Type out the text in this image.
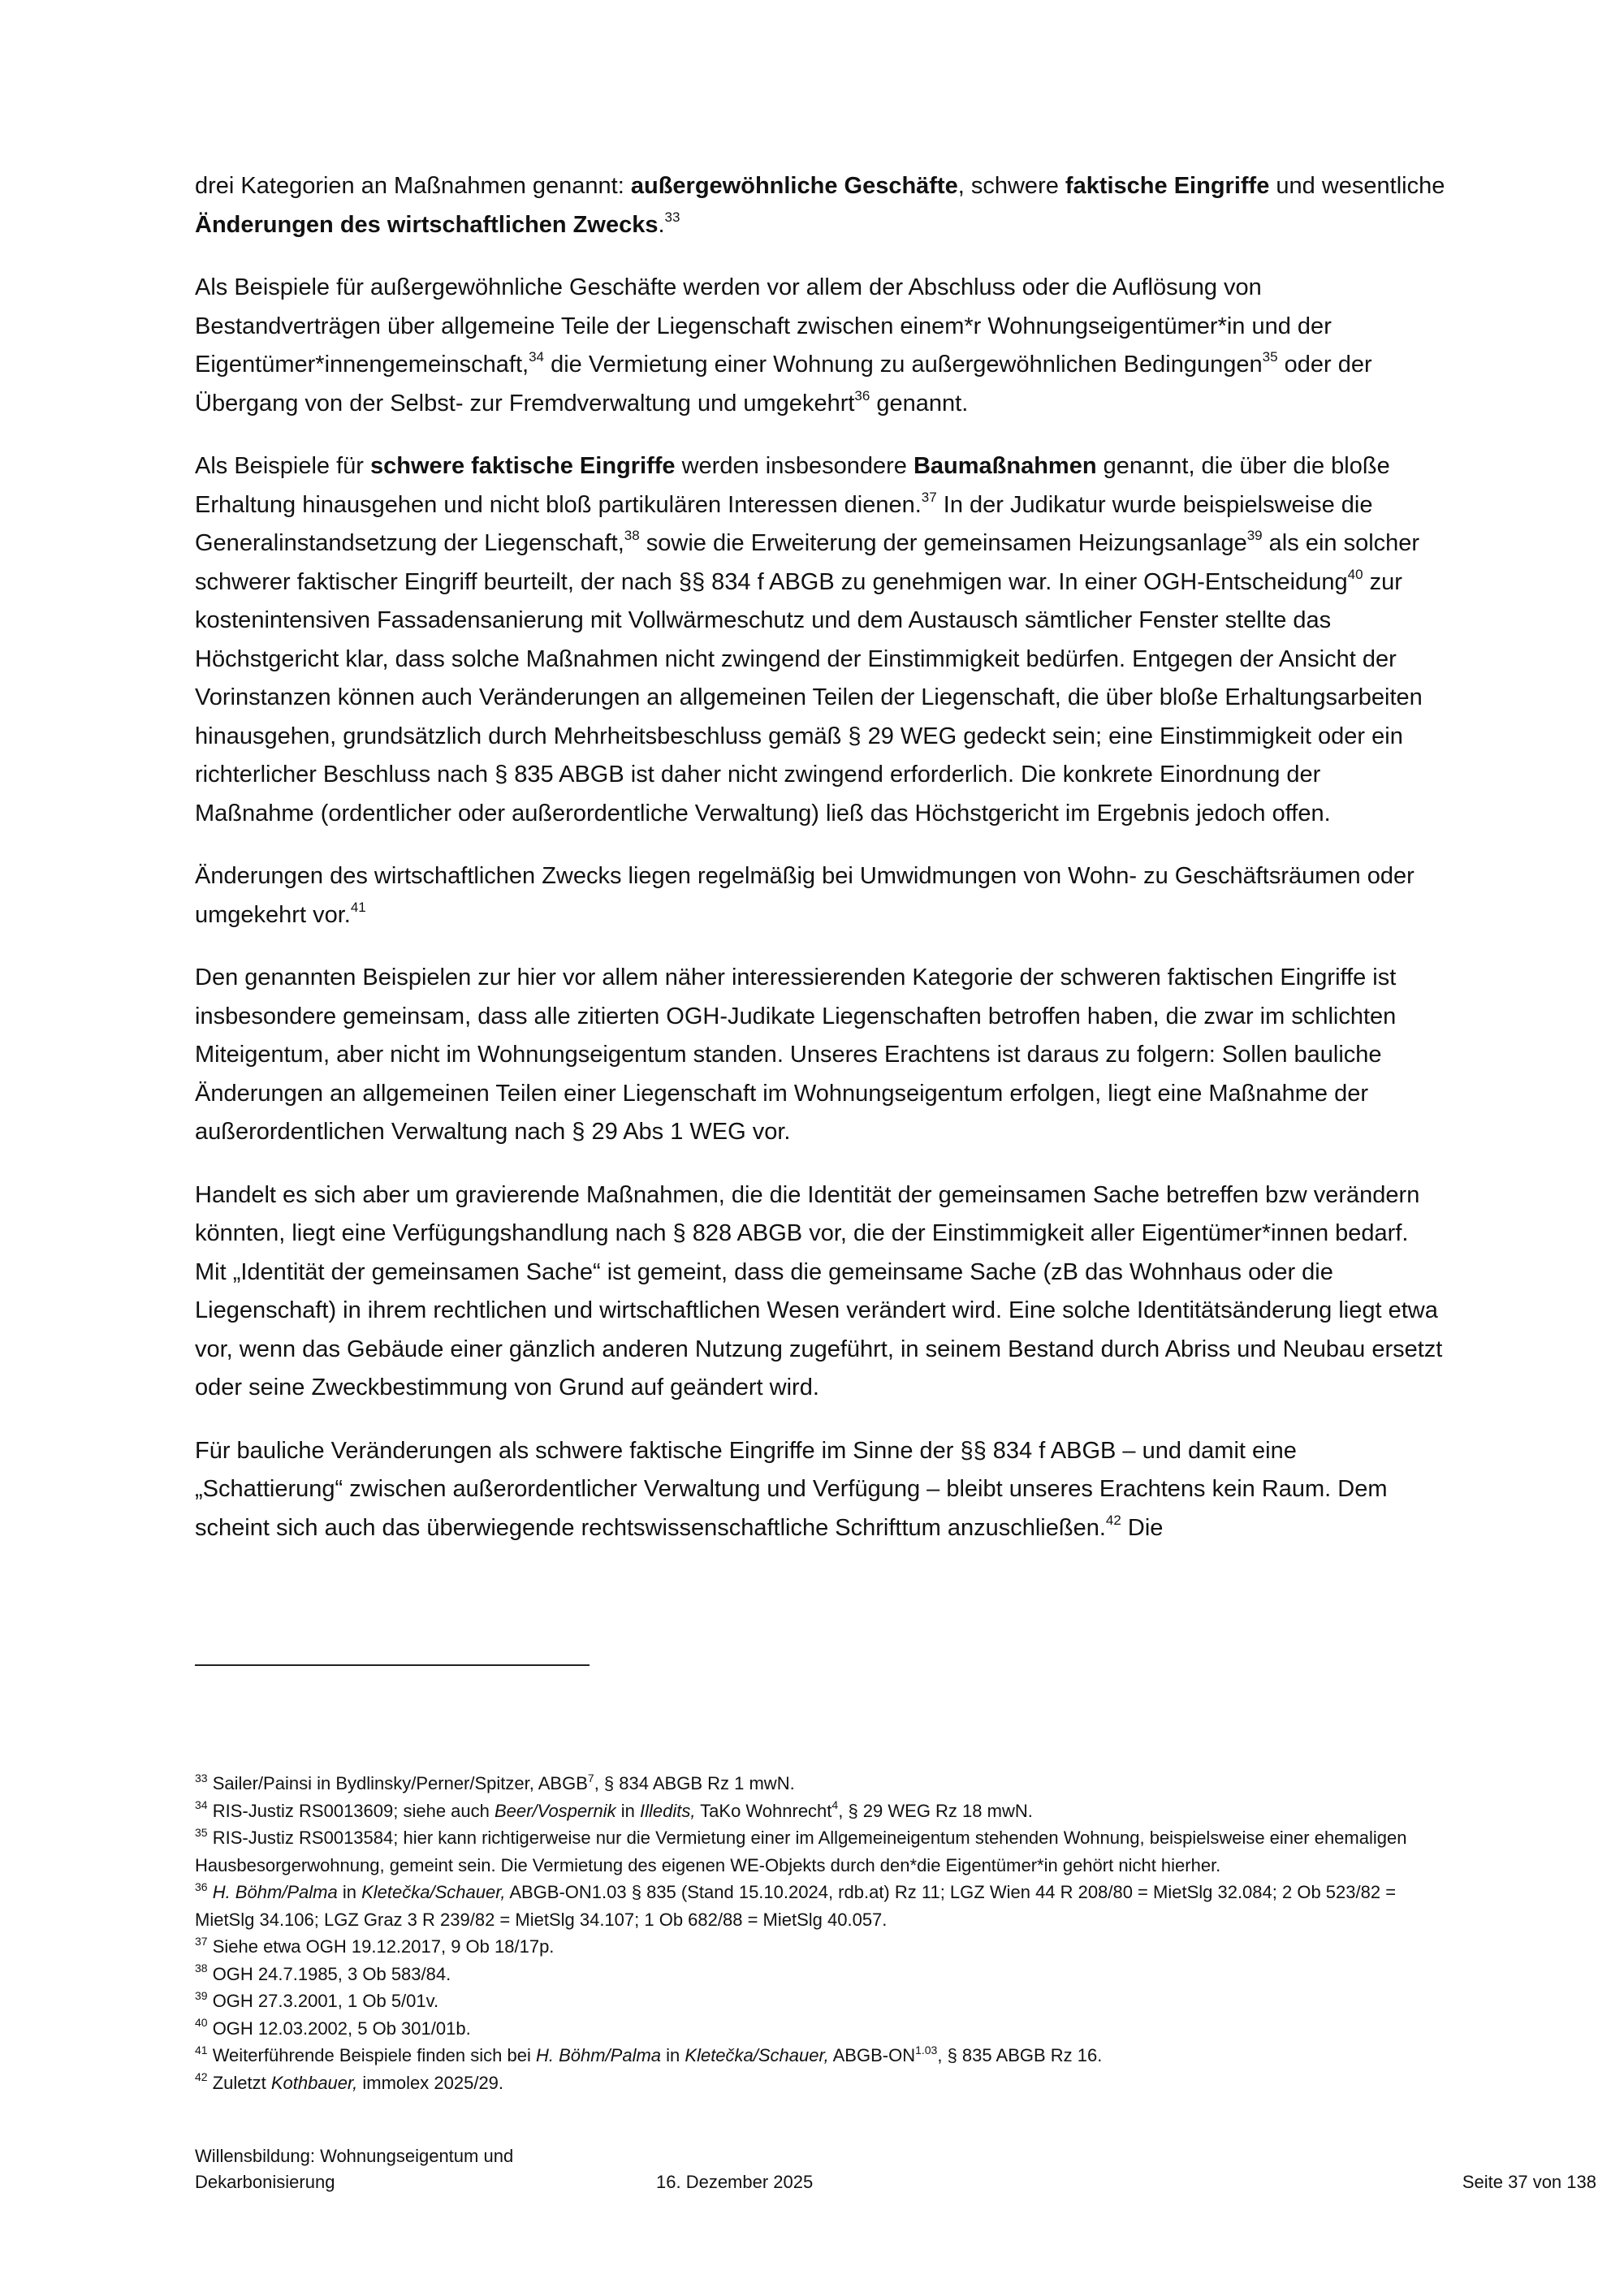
drei Kategorien an Maßnahmen genannt: außergewöhnliche Geschäfte, schwere faktische Eingriffe und wesentliche Änderungen des wirtschaftlichen Zwecks.$^{33}$

Als Beispiele für außergewöhnliche Geschäfte werden vor allem der Abschluss oder die Auflösung von Bestandverträgen über allgemeine Teile der Liegenschaft zwischen einem*r Wohnungseigentümer*in und der Eigentümer*innengemeinschaft,$^{34}$ die Vermietung einer Wohnung zu außergewöhnlichen Bedingungen$^{35}$ oder der Übergang von der Selbst- zur Fremdverwaltung und umgekehrt$^{36}$ genannt.

Als Beispiele für schwere faktische Eingriffe werden insbesondere Baumaßnahmen genannt, die über die bloße Erhaltung hinausgehen und nicht bloß partikulären Interessen dienen.$^{37}$ In der Judikatur wurde beispielsweise die Generalinstandsetzung der Liegenschaft,$^{38}$ sowie die Erweiterung der gemeinsamen Heizungsanlage$^{39}$ als ein solcher schwerer faktischer Eingriff beurteilt, der nach §§ 834 f ABGB zu genehmigen war. In einer OGH-Entscheidung$^{40}$ zur kostenintensiven Fassadensanierung mit Vollwärmeschutz und dem Austausch sämtlicher Fenster stellte das Höchstgericht klar, dass solche Maßnahmen nicht zwingend der Einstimmigkeit bedürfen. Entgegen der Ansicht der Vorinstanzen können auch Veränderungen an allgemeinen Teilen der Liegenschaft, die über bloße Erhaltungsarbeiten hinausgehen, grundsätzlich durch Mehrheitsbeschluss gemäß § 29 WEG gedeckt sein; eine Einstimmigkeit oder ein richterlicher Beschluss nach § 835 ABGB ist daher nicht zwingend erforderlich. Die konkrete Einordnung der Maßnahme (ordentlicher oder außerordentliche Verwaltung) ließ das Höchstgericht im Ergebnis jedoch offen.

Änderungen des wirtschaftlichen Zwecks liegen regelmäßig bei Umwidmungen von Wohn- zu Geschäftsräumen oder umgekehrt vor.$^{41}$

Den genannten Beispielen zur hier vor allem näher interessierenden Kategorie der schweren faktischen Eingriffe ist insbesondere gemeinsam, dass alle zitierten OGH-Judikate Liegenschaften betroffen haben, die zwar im schlichten Miteigentum, aber nicht im Wohnungseigentum standen. Unseres Erachtens ist daraus zu folgern: Sollen bauliche Änderungen an allgemeinen Teilen einer Liegenschaft im Wohnungseigentum erfolgen, liegt eine Maßnahme der außerordentlichen Verwaltung nach § 29 Abs 1 WEG vor.

Handelt es sich aber um gravierende Maßnahmen, die die Identität der gemeinsamen Sache betreffen bzw verändern könnten, liegt eine Verfügungshandlung nach § 828 ABGB vor, die der Einstimmigkeit aller Eigentümer*innen bedarf. Mit „Identität der gemeinsamen Sache“ ist gemeint, dass die gemeinsame Sache (zB das Wohnhaus oder die Liegenschaft) in ihrem rechtlichen und wirtschaftlichen Wesen verändert wird. Eine solche Identitätsänderung liegt etwa vor, wenn das Gebäude einer gänzlich anderen Nutzung zugeführt, in seinem Bestand durch Abriss und Neubau ersetzt oder seine Zweckbestimmung von Grund auf geändert wird.

Für bauliche Veränderungen als schwere faktische Eingriffe im Sinne der §§ 834 f ABGB – und damit eine „Schattierung“ zwischen außerordentlicher Verwaltung und Verfügung – bleibt unseres Erachtens kein Raum. Dem scheint sich auch das überwiegende rechtswissenschaftliche Schrifttum anzuschließen.$^{42}$ Die

$^{33}$ Sailer/Painsi in Bydlinsky/Perner/Spitzer, ABGB$^7$, § 834 ABGB Rz 1 mwN.

$^{34}$ RIS-Justiz RS0013609; siehe auch Beer/Vospernik in Illedits, TaKo Wohnrecht$^4$, § 29 WEG Rz 18 mwN.

$^{35}$ RIS-Justiz RS0013584; hier kann richtigerweise nur die Vermietung einer im Allgemeineigentum stehenden Wohnung, beispielsweise einer ehemaligen Hausbesorgerwohnung, gemeint sein. Die Vermietung des eigenen WE-Objekts durch den*die Eigentümer*in gehört nicht hierher.

$^{36}$ H. Böhm/Palma in Kletečka/Schauer, ABGB-ON1.03 § 835 (Stand 15.10.2024, rdb.at) Rz 11; LGZ Wien 44 R 208/80 = MietSlg 32.084; 2 Ob 523/82 = MietSlg 34.106; LGZ Graz 3 R 239/82 = MietSlg 34.107; 1 Ob 682/88 = MietSlg 40.057.

$^{37}$ Siehe etwa OGH 19.12.2017, 9 Ob 18/17p.

$^{38}$ OGH 24.7.1985, 3 Ob 583/84.

$^{39}$ OGH 27.3.2001, 1 Ob 5/01v.

$^{40}$ OGH 12.03.2002, 5 Ob 301/01b.

$^{41}$ Weiterführende Beispiele finden sich bei H. Böhm/Palma in Kletečka/Schauer, ABGB-$ON^{1.03}$, § 835 ABGB Rz 16.

$^{42}$ Zuletzt Kothbauer, immolex 2025/29.

Willensbildung: Wohnungseigentum und
Dekarbonisierung	16. Dezember 2025	Seite 37 von 138
